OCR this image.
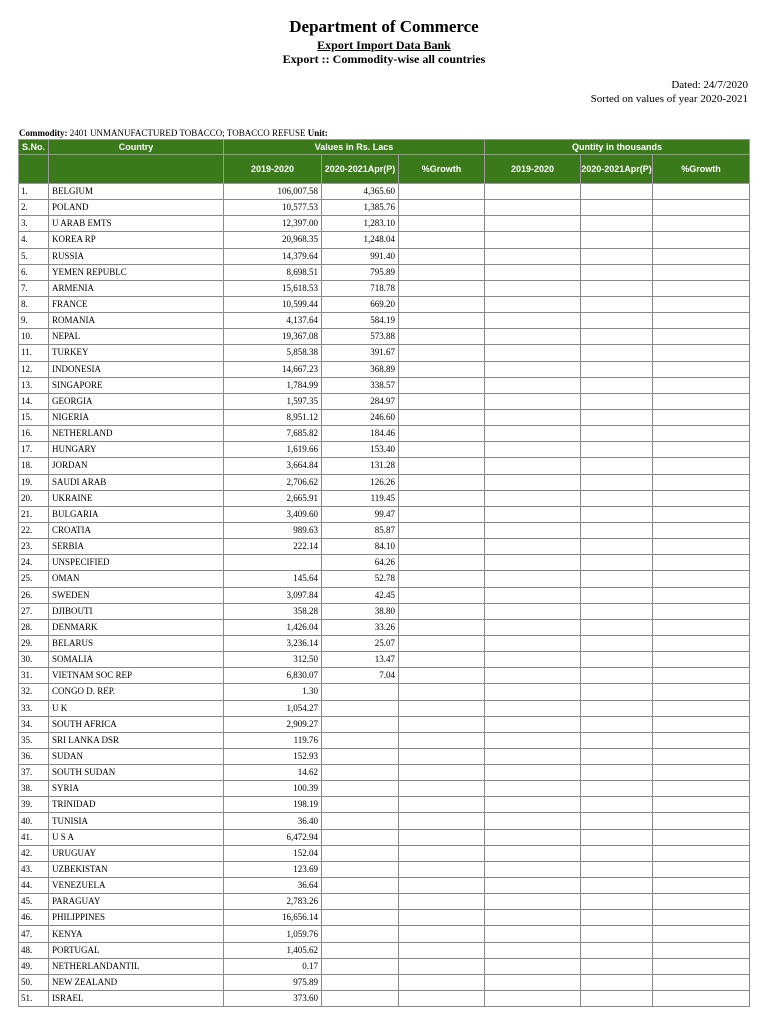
Department of Commerce
Export Import Data Bank
Export :: Commodity-wise all countries
Dated: 24/7/2020
Sorted on values of year 2020-2021
Commodity: 2401 UNMANUFACTURED TOBACCO; TOBACCO REFUSE Unit:
S.No.	Country	Values in Rs. Lacs			Quntity in thousands		
		2019-2020	2020-2021Apr(P)	%Growth	2019-2020	2020-2021Apr(P)	%Growth
1.	BELGIUM	106,007.58	4,365.60				
2.	POLAND	10,577.53	1,385.76				
3.	U ARAB EMTS	12,397.00	1,283.10				
4.	KOREA RP	20,968.35	1,248.04				
5.	RUSSIA	14,379.64	991.40				
6.	YEMEN REPUBLC	8,698.51	795.89				
7.	ARMENIA	15,618.53	718.78				
8.	FRANCE	10,599.44	669.20				
9.	ROMANIA	4,137.64	584.19				
10.	NEPAL	19,367.08	573.88				
11.	TURKEY	5,858.38	391.67				
12.	INDONESIA	14,667.23	368.89				
13.	SINGAPORE	1,784.99	338.57				
14.	GEORGIA	1,597.35	284.97				
15.	NIGERIA	8,951.12	246.60				
16.	NETHERLAND	7,685.82	184.46				
17.	HUNGARY	1,619.66	153.40				
18.	JORDAN	3,664.84	131.28				
19.	SAUDI ARAB	2,706.62	126.26				
20.	UKRAINE	2,665.91	119.45				
21.	BULGARIA	3,409.60	99.47				
22.	CROATIA	989.63	85.87				
23.	SERBIA	222.14	84.10				
24.	UNSPECIFIED		64.26				
25.	OMAN	145.64	52.78				
26.	SWEDEN	3,097.84	42.45				
27.	DJIBOUTI	358.28	38.80				
28.	DENMARK	1,426.04	33.26				
29.	BELARUS	3,236.14	25.07				
30.	SOMALIA	312.50	13.47				
31.	VIETNAM SOC REP	6,830.07	7.04				
32.	CONGO D. REP.	1.30					
33.	U K	1,054.27					
34.	SOUTH AFRICA	2,909.27					
35.	SRI LANKA DSR	119.76					
36.	SUDAN	152.93					
37.	SOUTH SUDAN	14.62					
38.	SYRIA	100.39					
39.	TRINIDAD	198.19					
40.	TUNISIA	36.40					
41.	U S A	6,472.94					
42.	URUGUAY	152.04					
43.	UZBEKISTAN	123.69					
44.	VENEZUELA	36.64					
45.	PARAGUAY	2,783.26					
46.	PHILIPPINES	16,656.14					
47.	KENYA	1,059.76					
48.	PORTUGAL	1,405.62					
49.	NETHERLANDANTIL	0.17					
50.	NEW ZEALAND	975.89					
51.	ISRAEL	373.60					
